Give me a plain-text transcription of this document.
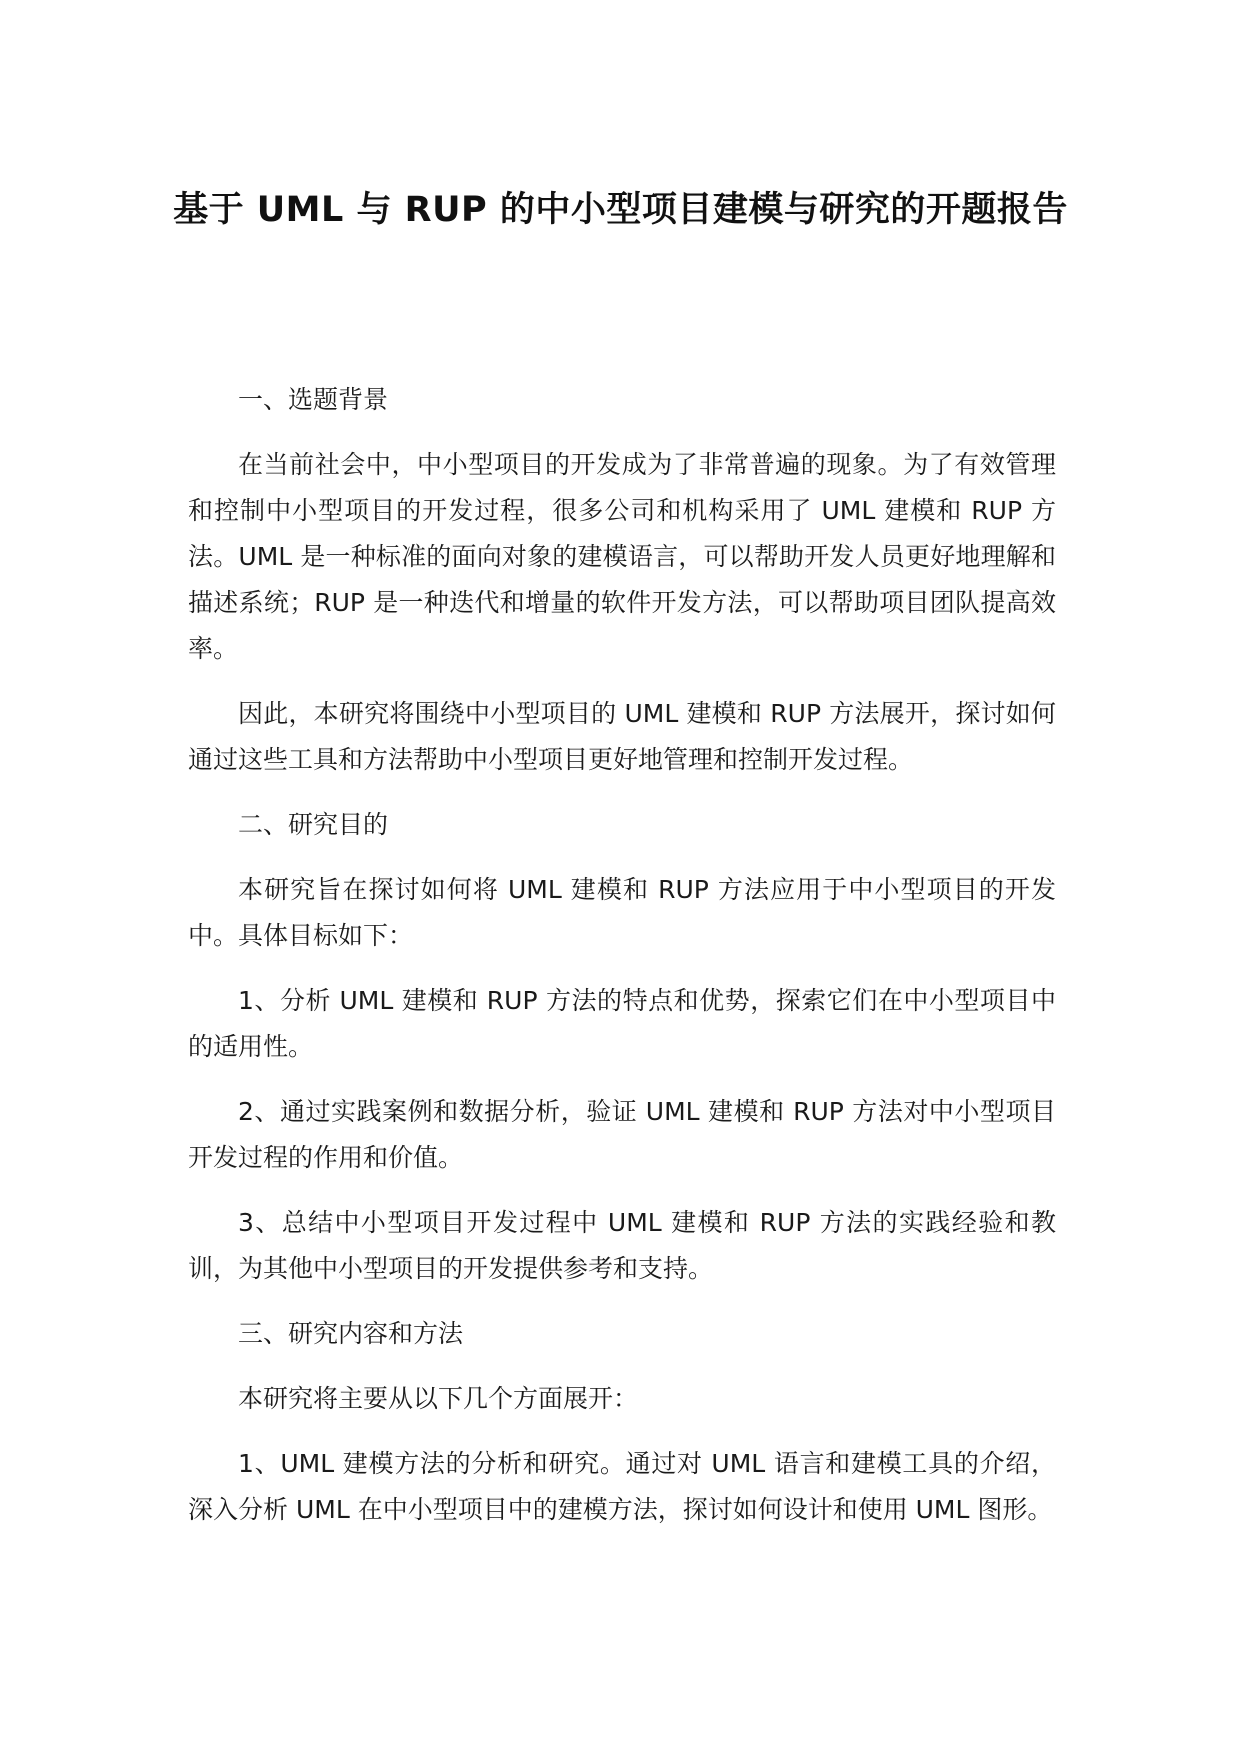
基于 UML 与 RUP 的中小型项目建模与研究的开题报告

一、选题背景

在当前社会中，中小型项目的开发成为了非常普遍的现象。为了有效管理和控制中小型项目的开发过程，很多公司和机构采用了 UML 建模和 RUP 方法。UML 是一种标准的面向对象的建模语言，可以帮助开发人员更好地理解和描述系统；RUP 是一种迭代和增量的软件开发方法，可以帮助项目团队提高效率。

因此，本研究将围绕中小型项目的 UML 建模和 RUP 方法展开，探讨如何通过这些工具和方法帮助中小型项目更好地管理和控制开发过程。

二、研究目的

本研究旨在探讨如何将 UML 建模和 RUP 方法应用于中小型项目的开发中。具体目标如下：

1、分析 UML 建模和 RUP 方法的特点和优势，探索它们在中小型项目中的适用性。

2、通过实践案例和数据分析，验证 UML 建模和 RUP 方法对中小型项目开发过程的作用和价值。

3、总结中小型项目开发过程中 UML 建模和 RUP 方法的实践经验和教训，为其他中小型项目的开发提供参考和支持。

三、研究内容和方法

本研究将主要从以下几个方面展开：

1、UML 建模方法的分析和研究。通过对 UML 语言和建模工具的介绍，深入分析 UML 在中小型项目中的建模方法，探讨如何设计和使用 UML 图形。
